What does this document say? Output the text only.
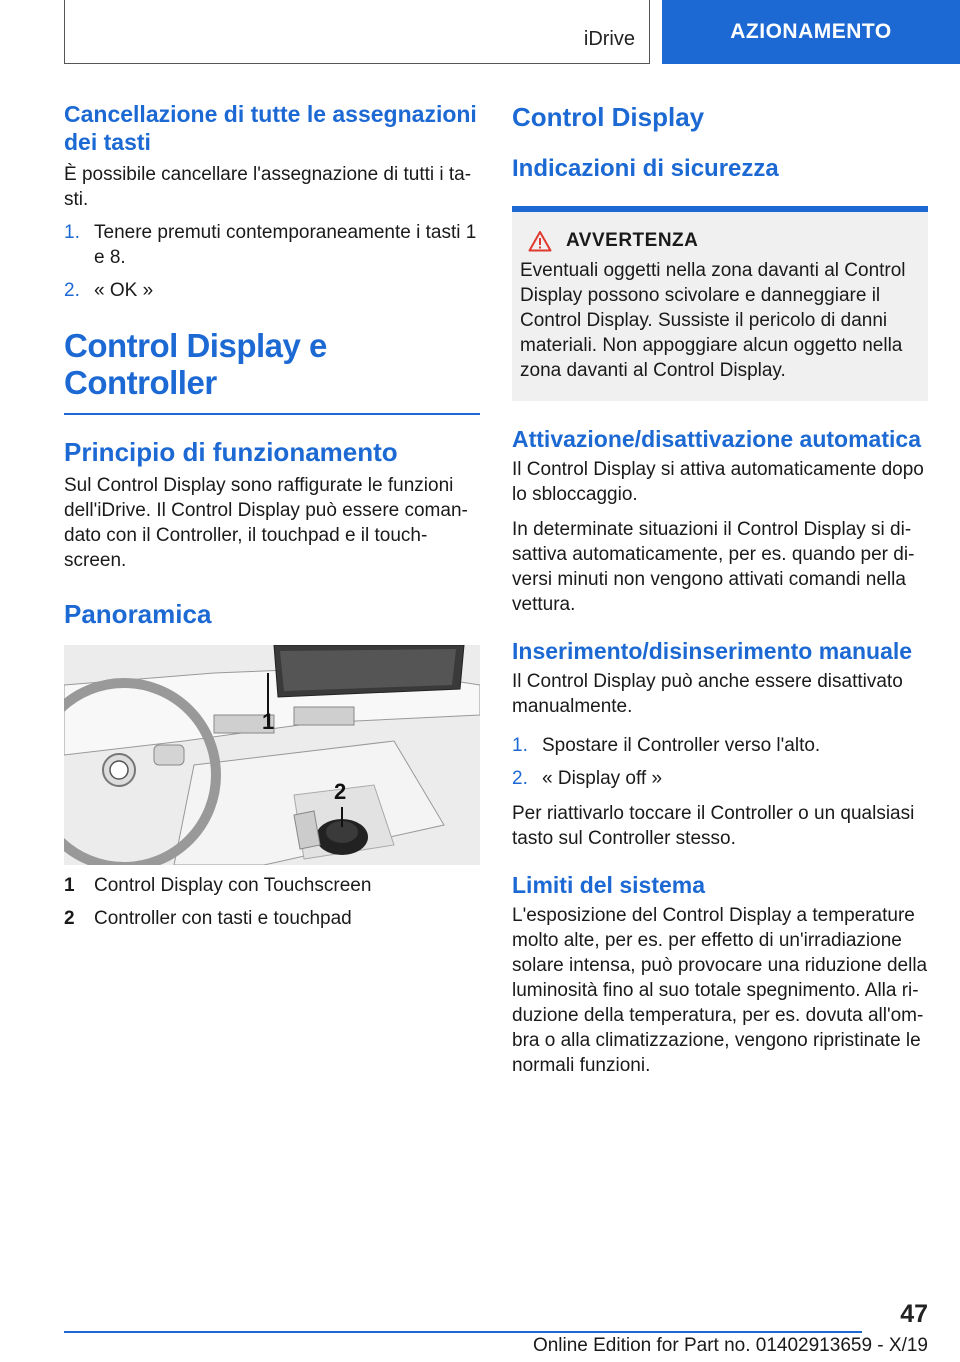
iDrive	AZIONAMENTO
Cancellazione di tutte le assegnazioni dei tasti

È possibile cancellare l'assegnazione di tutti i ta‑ sti.

1. Tenere premuti contemporaneamente i tasti 1 e 8.
2. « OK »
Control Display e Controller
Principio di funzionamento

Sul Control Display sono raffigurate le funzioni dell'iDrive. Il Control Display può essere coman‑ dato con il Controller, il touchpad e il touch‑ screen.

Panoramica
1
2
1	Control Display con Touchscreen
2	Controller con tasti e touchpad
Control Display
Indicazioni di sicurezza
AVVERTENZA

Eventuali oggetti nella zona davanti al Control Display possono scivolare e danneggiare il Control Display. Sussiste il pericolo di danni materiali. Non appoggiare alcun oggetto nella zona davanti al Control Display.

Attivazione/disattivazione automatica

Il Control Display si attiva automaticamente dopo lo sbloccaggio.

In determinate situazioni il Control Display si di‑ sattiva automaticamente, per es. quando per di‑ versi minuti non vengono attivati comandi nella vettura.

Inserimento/disinserimento manuale

Il Control Display può anche essere disattivato manualmente.

1. Spostare il Controller verso l'alto.
2. « Display off »

Per riattivarlo toccare il Controller o un qualsiasi tasto sul Controller stesso.

Limiti del sistema

L'esposizione del Control Display a temperature molto alte, per es. per effetto di un'irradiazione solare intensa, può provocare una riduzione della luminosità fino al suo totale spegnimento. Alla ri‑ duzione della temperatura, per es. dovuta all'om‑ bra o alla climatizzazione, vengono ripristinate le normali funzioni.

47
Online Edition for Part no. 01402913659 - X/19
